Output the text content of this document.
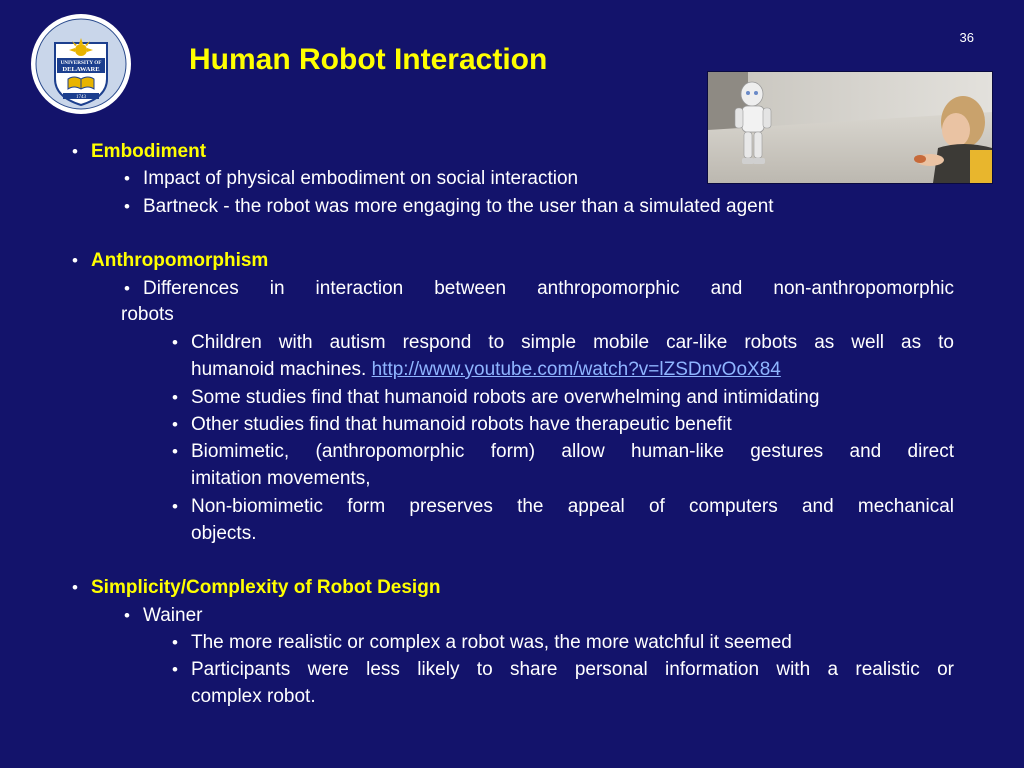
UNIVERSITY OF
DELAWARE
1743
Human Robot Interaction
36
• Embodiment
• Impact of physical embodiment on social interaction
• Bartneck - the robot was more engaging to the user than a simulated agent
• Anthropomorphism
• Differences in interaction between anthropomorphic and non-anthropomorphic
robots
• Children with autism respond to simple mobile car-like robots as well as to
humanoid machines. http://www.youtube.com/watch?v=lZSDnvOoX84
• Some studies find that humanoid robots are overwhelming and intimidating
• Other studies find that humanoid robots have therapeutic benefit
• Biomimetic, (anthropomorphic form) allow human-like gestures and direct
imitation movements,
• Non-biomimetic form preserves the appeal of computers and mechanical
objects.
• Simplicity/Complexity of Robot Design
• Wainer
• The more realistic or complex a robot was, the more watchful it seemed
• Participants were less likely to share personal information with a realistic or
complex robot.
